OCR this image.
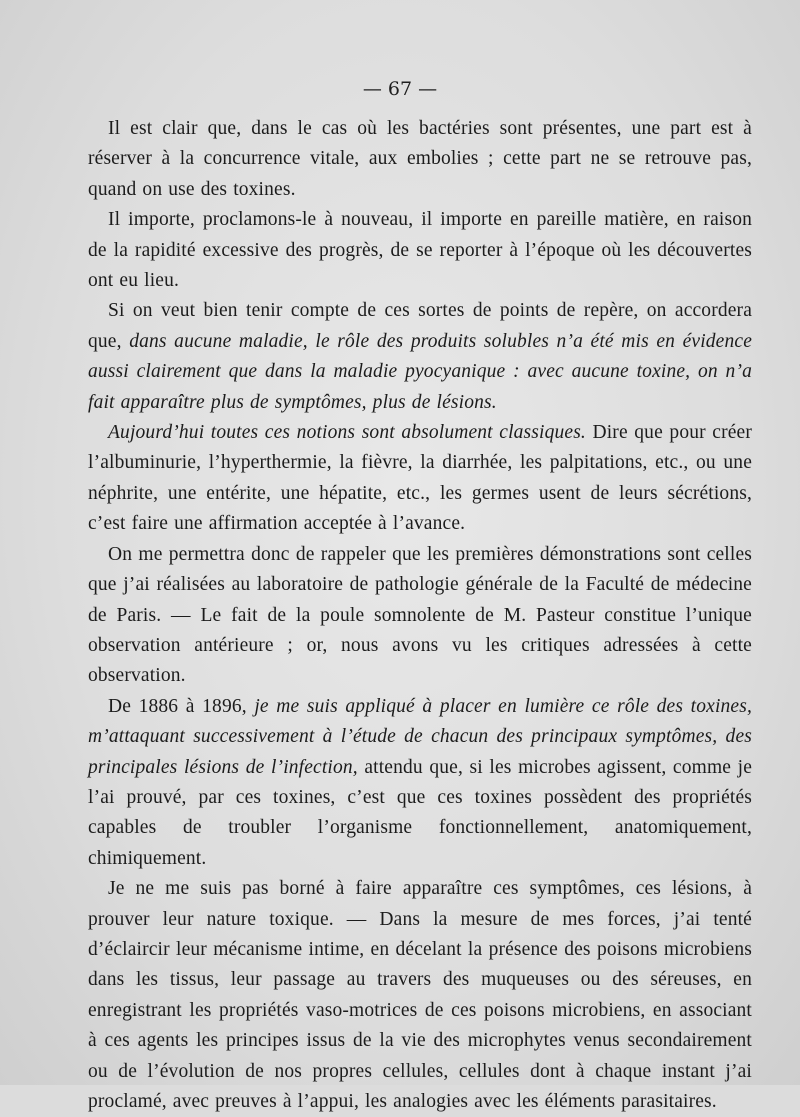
— 67 —

Il est clair que, dans le cas où les bactéries sont présentes, une part est à réserver à la concurrence vitale, aux embolies ; cette part ne se retrouve pas, quand on use des toxines.

Il importe, proclamons-le à nouveau, il importe en pareille matière, en raison de la rapidité excessive des progrès, de se reporter à l’époque où les découvertes ont eu lieu.

Si on veut bien tenir compte de ces sortes de points de repère, on accordera que, dans aucune maladie, le rôle des produits solubles n’a été mis en évidence aussi clairement que dans la maladie pyocyanique : avec aucune toxine, on n’a fait apparaître plus de symptômes, plus de lésions.

Aujourd’hui toutes ces notions sont absolument classiques. Dire que pour créer l’albuminurie, l’hyperthermie, la fièvre, la diarrhée, les palpitations, etc., ou une néphrite, une entérite, une hépatite, etc., les germes usent de leurs sécrétions, c’est faire une affirmation acceptée à l’avance.

On me permettra donc de rappeler que les premières démonstrations sont celles que j’ai réalisées au laboratoire de pathologie générale de la Faculté de médecine de Paris. — Le fait de la poule somnolente de M. Pasteur constitue l’unique observation antérieure ; or, nous avons vu les critiques adressées à cette observation.

De 1886 à 1896, je me suis appliqué à placer en lumière ce rôle des toxines, m’attaquant successivement à l’étude de chacun des principaux symptômes, des principales lésions de l’infection, attendu que, si les microbes agissent, comme je l’ai prouvé, par ces toxines, c’est que ces toxines possèdent des propriétés capables de troubler l’organisme fonctionnellement, anatomiquement, chimiquement.

Je ne me suis pas borné à faire apparaître ces symptômes, ces lésions, à prouver leur nature toxique. — Dans la mesure de mes forces, j’ai tenté d’éclaircir leur mécanisme intime, en décelant la présence des poisons microbiens dans les tissus, leur passage au travers des muqueuses ou des séreuses, en enregistrant les propriétés vaso-motrices de ces poisons microbiens, en associant à ces agents les principes issus de la vie des microphytes venus secondairement ou de l’évolution de nos propres cellules, cellules dont à chaque instant j’ai proclamé, avec preuves à l’appui, les analogies avec les éléments parasitaires.
